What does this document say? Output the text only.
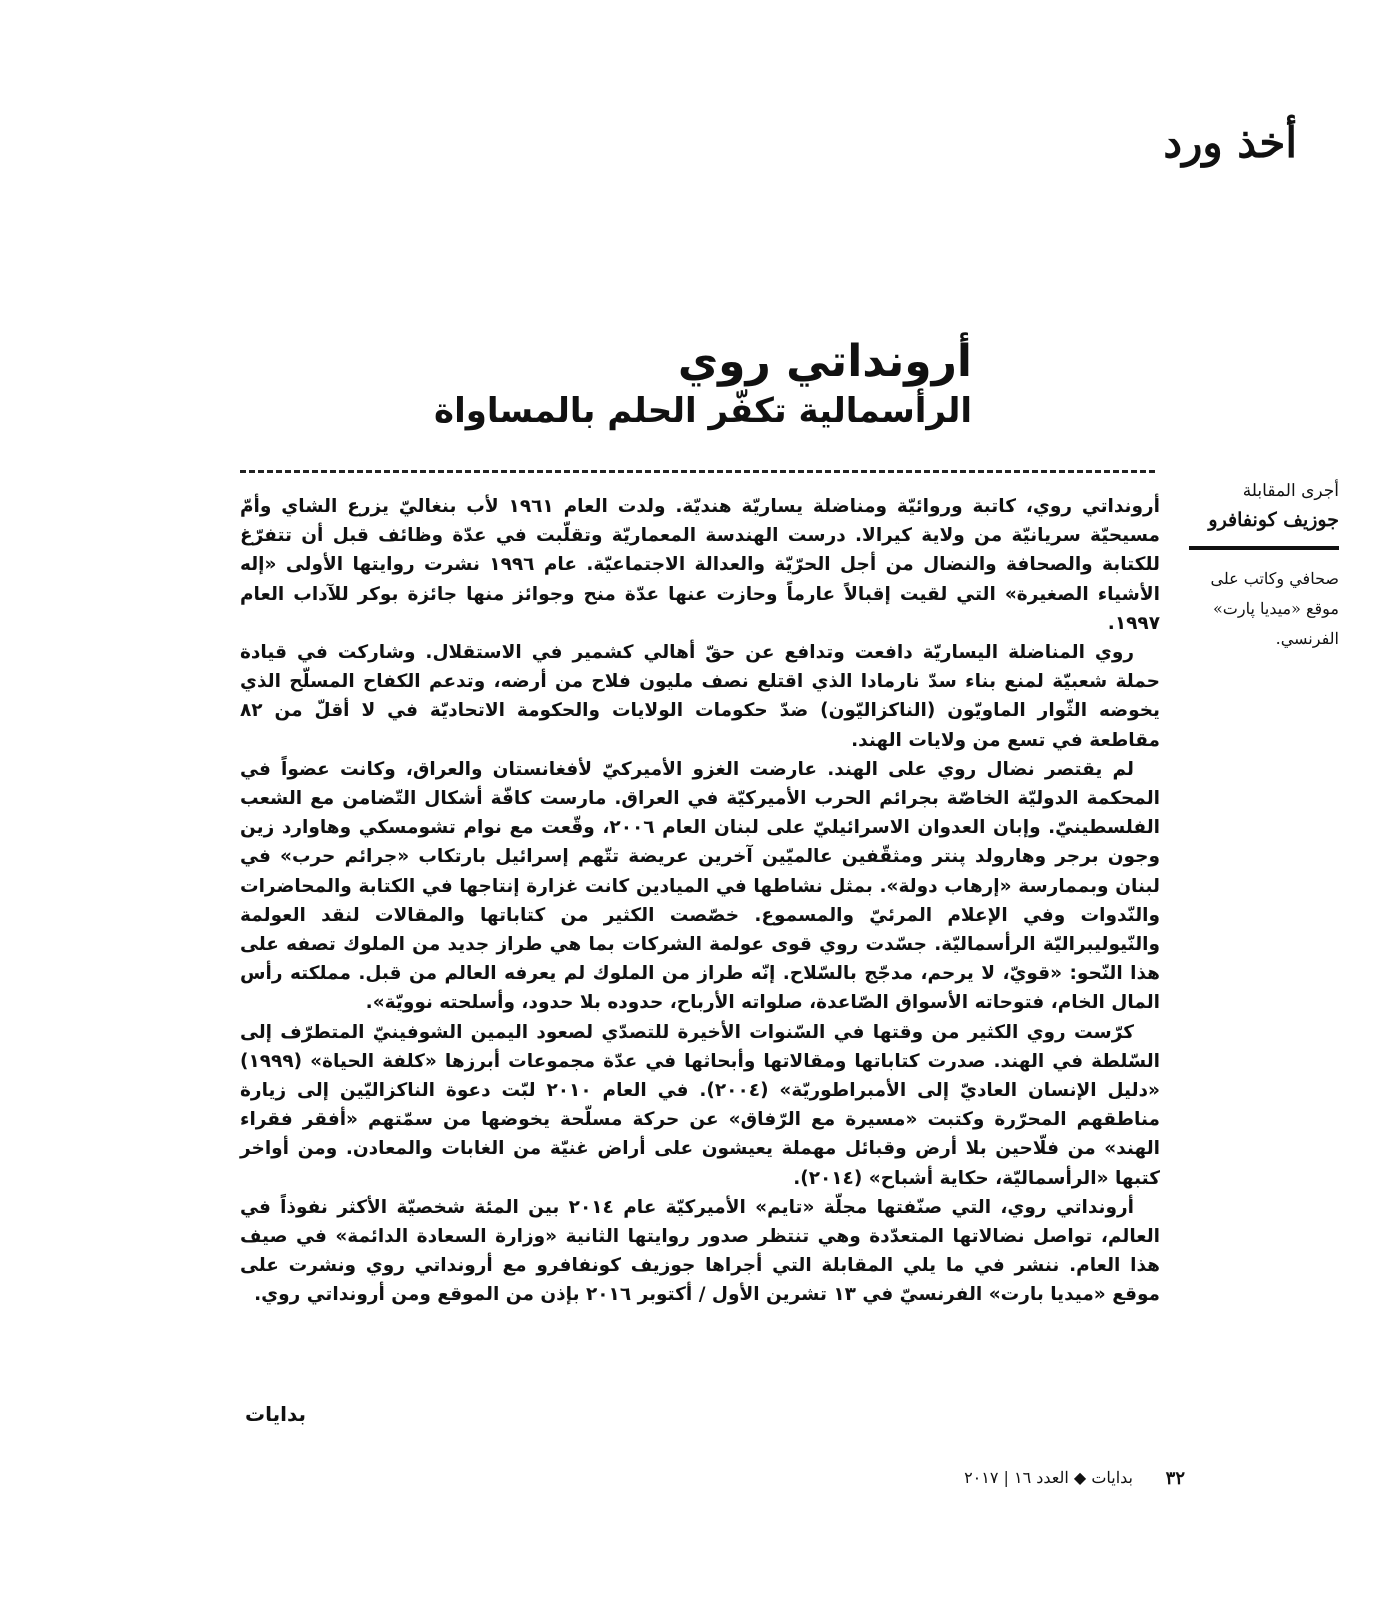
أخذ ورد
أرونداتي روي
الرأسمالية تكفّر الحلم بالمساواة
أجرى المقابلة
جوزيف كونفافرو
صحافي وكاتب على موقع «ميديا پارت» الفرنسي.

أرونداتي روي، كاتبة وروائيّة ومناضلة يساريّة هنديّة. ولدت العام ١٩٦١ لأب بنغاليّ يزرع الشاي وأمّ مسيحيّة سريانيّة من ولاية كيرالا. درست الهندسة المعماريّة وتقلّبت في عدّة وظائف قبل أن تتفرّغ للكتابة والصحافة والنضال من أجل الحرّيّة والعدالة الاجتماعيّة. عام ١٩٩٦ نشرت روايتها الأولى «إله الأشياء الصغيرة» التي لقيت إقبالاً عارماً وحازت عنها عدّة منح وجوائز منها جائزة بوكر للآداب العام ١٩٩٧.

روي المناضلة اليساريّة دافعت وتدافع عن حقّ أهالي كشمير في الاستقلال. وشاركت في قيادة حملة شعبيّة لمنع بناء سدّ نارمادا الذي اقتلع نصف مليون فلاح من أرضه، وتدعم الكفاح المسلّح الذي يخوضه الثّوار الماويّون (الناكزاليّون) ضدّ حكومات الولايات والحكومة الاتحاديّة في لا أقلّ من ٨٢ مقاطعة في تسع من ولايات الهند.

لم يقتصر نضال روي على الهند. عارضت الغزو الأميركيّ لأفغانستان والعراق، وكانت عضواً في المحكمة الدوليّة الخاصّة بجرائم الحرب الأميركيّة في العراق. مارست كافّة أشكال التّضامن مع الشعب الفلسطينيّ. وإبان العدوان الاسرائيليّ على لبنان العام ٢٠٠٦، وقّعت مع نوام تشومسكي وهاوارد زين وجون برجر وهارولد پنتر ومثقّفين عالميّين آخرين عريضة تتّهم إسرائيل بارتكاب «جرائم حرب» في لبنان وبممارسة «إرهاب دولة». بمثل نشاطها في الميادين كانت غزارة إنتاجها في الكتابة والمحاضرات والنّدوات وفي الإعلام المرئيّ والمسموع. خصّصت الكثير من كتاباتها والمقالات لنقد العولمة والنّيوليبراليّة الرأسماليّة. جسّدت روي قوى عولمة الشركات بما هي طراز جديد من الملوك تصفه على هذا النّحو: «قويّ، لا يرحم، مدجّج بالسّلاح. إنّه طراز من الملوك لم يعرفه العالم من قبل. مملكته رأس المال الخام، فتوحاته الأسواق الصّاعدة، صلواته الأرباح، حدوده بلا حدود، وأسلحته نوويّة».

كرّست روي الكثير من وقتها في السّنوات الأخيرة للتصدّي لصعود اليمين الشوفينيّ المتطرّف إلى السّلطة في الهند. صدرت كتاباتها ومقالاتها وأبحاثها في عدّة مجموعات أبرزها «كلفة الحياة» (١٩٩٩) «دليل الإنسان العاديّ إلى الأمبراطوريّة» (٢٠٠٤). في العام ٢٠١٠ لبّت دعوة الناكزاليّين إلى زيارة مناطقهم المحرّرة وكتبت «مسيرة مع الرّفاق» عن حركة مسلّحة يخوضها من سمّتهم «أفقر فقراء الهند» من فلّاحين بلا أرض وقبائل مهملة يعيشون على أراض غنيّة من الغابات والمعادن. ومن أواخر كتبها «الرأسماليّة، حكاية أشباح» (٢٠١٤).

أرونداتي روي، التي صنّفتها مجلّة «تايم» الأميركيّة عام ٢٠١٤ بين المئة شخصيّة الأكثر نفوذاً في العالم، تواصل نضالاتها المتعدّدة وهي تنتظر صدور روايتها الثانية «وزارة السعادة الدائمة» في صيف هذا العام. ننشر في ما يلي المقابلة التي أجراها جوزيف كونفافرو مع أرونداتي روي ونشرت على موقع «ميديا بارت» الفرنسيّ في ١٣ تشرين الأول / أكتوبر ٢٠١٦ بإذن من الموقع ومن أرونداتي روي.

بدايات
٣٢
بدايات ◆ العدد ١٦ | ٢٠١٧
